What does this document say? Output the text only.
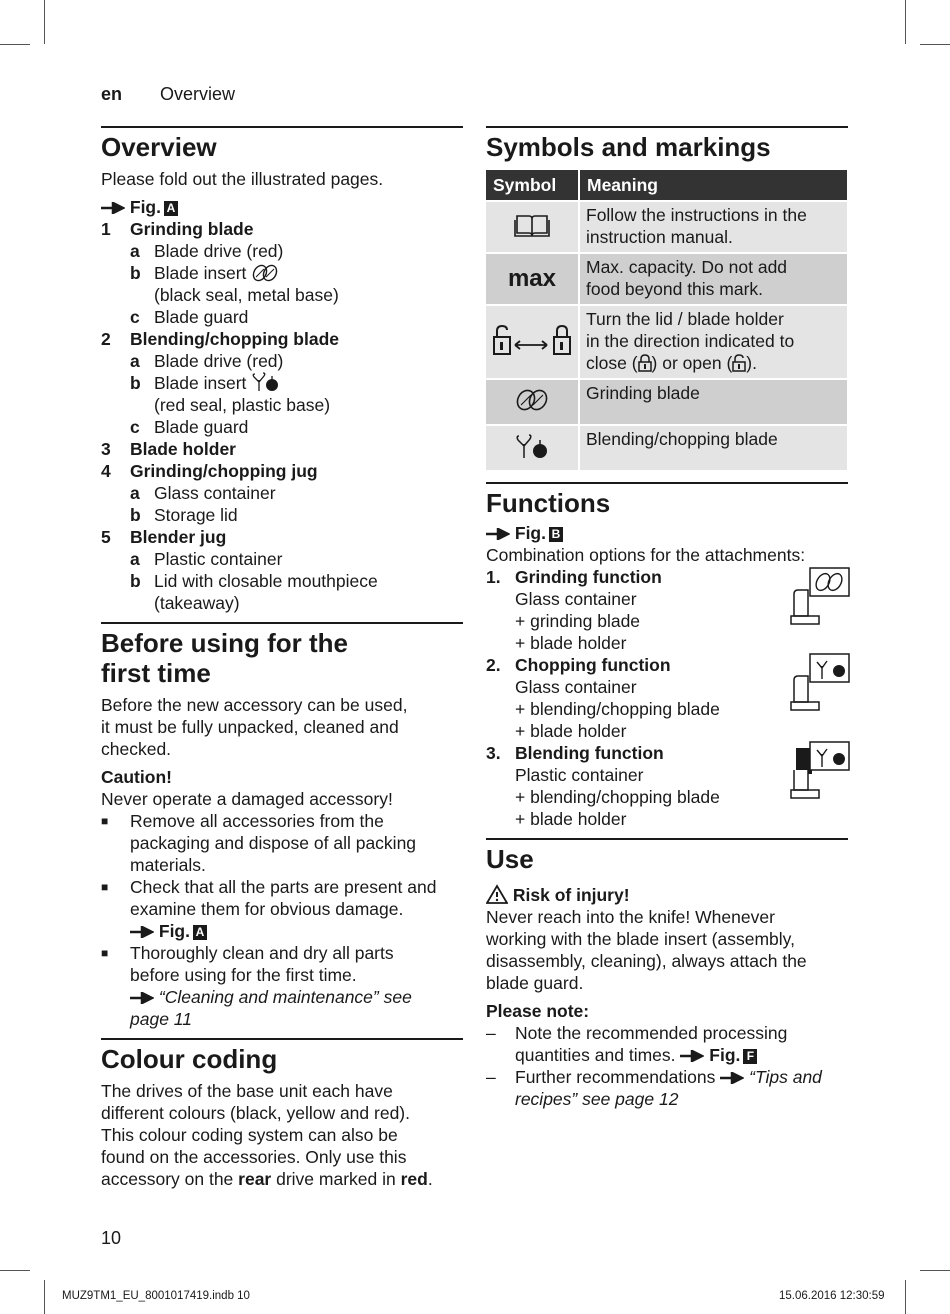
en Overview
Overview
Please fold out the illustrated pages.
Fig. A
1	Grinding blade
a Blade drive (red)
b Blade insert
(black seal, metal base)
c Blade guard
2	Blending/chopping blade
a Blade drive (red)
b Blade insert
(red seal, plastic base)
c Blade guard
3	Blade holder
4	Grinding/chopping jug
a Glass container
b Storage lid
5	Blender jug
a Plastic container
b Lid with closable mouthpiece
(takeaway)
Before using for the
first time
Before the new accessory can be used,
it must be fully unpacked, cleaned and
checked.
Caution!
Never operate a damaged accessory!
■	Remove all accessories from the
packaging and dispose of all packing
materials.
■	Check that all the parts are present and
examine them for obvious damage.
Fig. A
■	Thoroughly clean and dry all parts
before using for the first time.
“Cleaning and maintenance” see
page 11
Colour coding
The drives of the base unit each have
different colours (black, yellow and red).
This colour coding system can also be
found on the accessories. Only use this
accessory on the rear drive marked in red.
Symbols and markings
Symbol	Meaning

Follow the instructions in the
instruction manual.

max	Max. capacity. Do not add
food beyond this mark.

Turn the lid / blade holder
in the direction indicated to
close ( ) or open ( ).

	Grinding blade
	Blending/chopping blade
Functions
Fig. B
Combination options for the attachments:
1. Grinding function
Glass container
+ grinding blade
+ blade holder
2. Chopping function
Glass container
+ blending/chopping blade
+ blade holder
3. Blending function
Plastic container
+ blending/chopping blade
+ blade holder
Use
Risk of injury!
Never reach into the knife! Whenever
working with the blade insert (assembly,
disassembly, cleaning), always attach the
blade guard.
Please note:
–	Note the recommended processing
quantities and times. Fig. F
–	Further recommendations “Tips and
recipes” see page 12
10
MUZ9TM1_EU_8001017419.indb 10	15.06.2016 12:30:59
